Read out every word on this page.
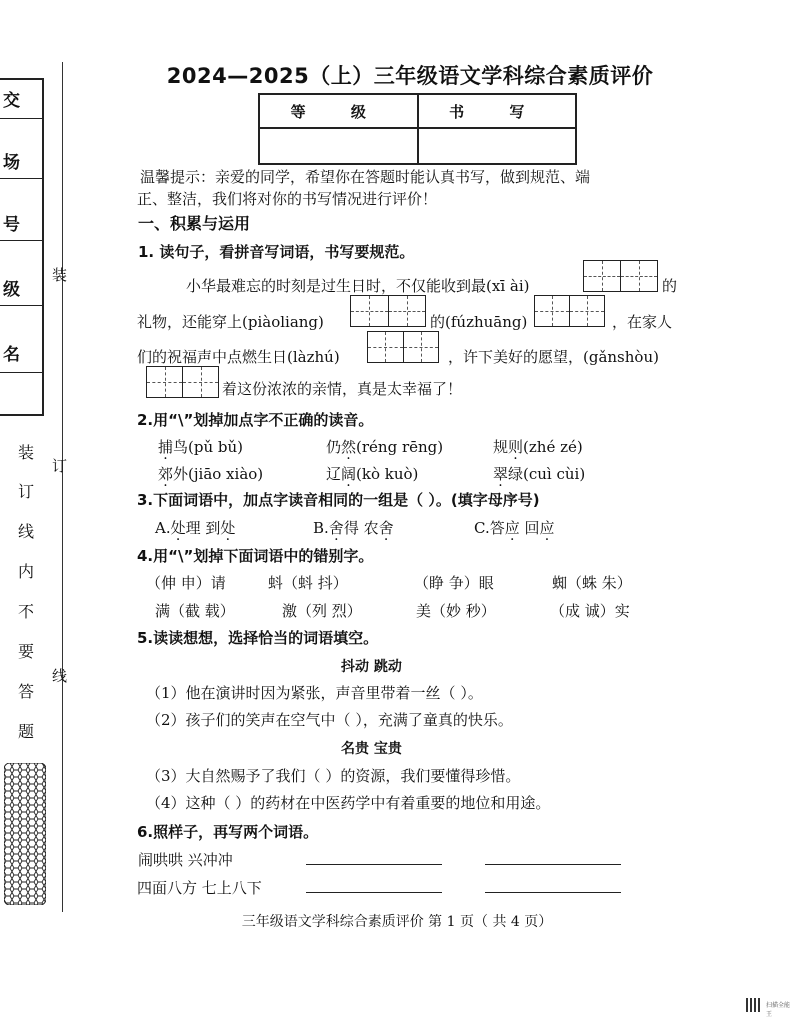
交
场
号
级
名
装
订
线
装
订
线
内
不
要
答
题
2024—2025（上）三年级语文学科综合素质评价
等 级	书 写

温馨提示：亲爱的同学，希望你在答题时能认真书写，做到规范、端
正、整洁，我们将对你的书写情况进行评价！
一、积累与运用
1. 读句子，看拼音写词语，书写要规范。
小华最难忘的时刻是过生日时，不仅能收到最(xī ài)	的
礼物，还能穿上(piàoliang)	的(fúzhuāng)	，在家人
们的祝福声中点燃生日(làzhú)	，许下美好的愿望，(gǎnshòu)
着这份浓浓的亲情，真是太幸福了！
2.用“\”划掉加点字不正确的读音。
捕鸟(pǔ bǔ)	仍然(réng rēng)	规则(zhé zé)
郊外(jiāo xiào)	辽阔(kò kuò)	翠绿(cuì cùi)
3.下面词语中，加点字读音相同的一组是（ ）。(填字母序号)
A.处理 到处	B.舍得 农舍	C.答应 回应
4.用“\”划掉下面词语中的错别字。
（伸 申）请	蚪（蚪 抖）	（睁 争）眼	蜘（蛛 朱）
满（截 载）	激（列 烈）	美（妙 秒）	（成 诚）实
5.读读想想，选择恰当的词语填空。
抖动 跳动
（1）他在演讲时因为紧张，声音里带着一丝（ ）。
（2）孩子们的笑声在空气中（ ），充满了童真的快乐。
名贵 宝贵
（3）大自然赐予了我们（ ）的资源，我们要懂得珍惜。
（4）这种（ ）的药材在中医药学中有着重要的地位和用途。
6.照样子，再写两个词语。
闹哄哄 兴冲冲
四面八方 七上八下
三年级语文学科综合素质评价 第 1 页（ 共 4 页）
扫描全能王
